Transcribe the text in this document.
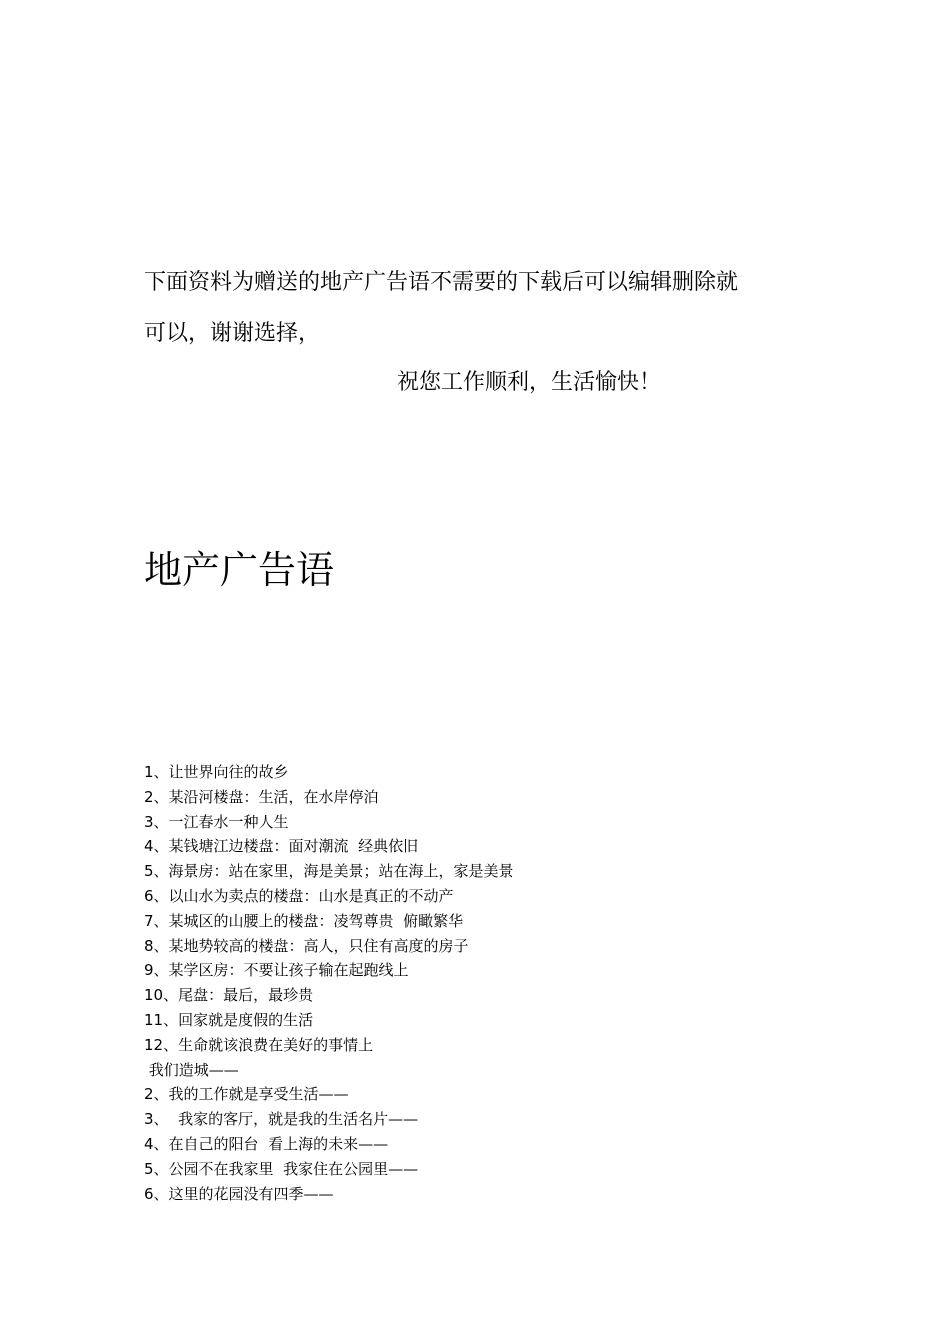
下面资料为赠送的地产广告语不需要的下载后可以编辑删除就
可以，谢谢选择，
祝您工作顺利，生活愉快！
地产广告语
1、让世界向往的故乡
2、某沿河楼盘：生活，在水岸停泊
3、一江春水一种人生
4、某钱塘江边楼盘：面对潮流  经典依旧
5、海景房：站在家里，海是美景；站在海上，家是美景
6、以山水为卖点的楼盘：山水是真正的不动产
7、某城区的山腰上的楼盘：凌驾尊贵  俯瞰繁华
8、某地势较高的楼盘：高人，只住有高度的房子
9、某学区房：不要让孩子输在起跑线上
10、尾盘：最后，最珍贵
11、回家就是度假的生活
12、生命就该浪费在美好的事情上
我们造城——
2、我的工作就是享受生活——
3、  我家的客厅，就是我的生活名片——
4、在自己的阳台  看上海的未来——
5、公园不在我家里  我家住在公园里——
6、这里的花园没有四季——
